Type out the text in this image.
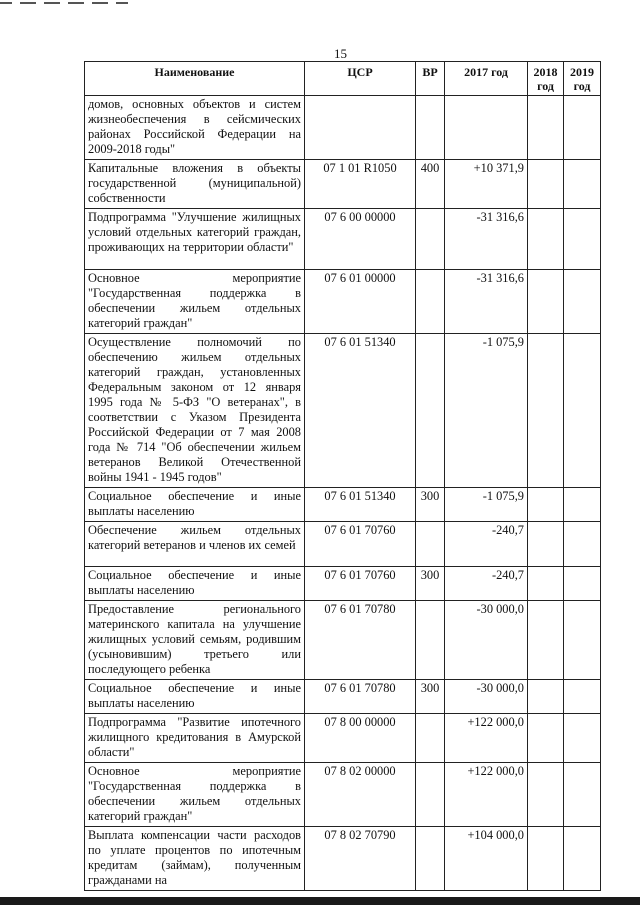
15
Наименование	ЦСР	ВР	2017 год	2018 год	2019 год
домов, основных объектов и систем жизнеобеспечения в сейсмических районах Российской Федерации на 2009-2018 годы"					
Капитальные вложения в объекты государственной (муниципальной) собственности	07 1 01 R1050	400	+10 371,9		
Подпрограмма "Улучшение жилищных условий отдельных категорий граждан, проживающих на территории области"	07 6 00 00000		-31 316,6		
Основное мероприятие "Государственная поддержка в обеспечении жильем отдельных категорий граждан"	07 6 01 00000		-31 316,6		
Осуществление полномочий по обеспечению жильем отдельных категорий граждан, установленных Федеральным законом от 12 января 1995 года № 5-ФЗ "О ветеранах", в соответствии с Указом Президента Российской Федерации от 7 мая 2008 года № 714 "Об обеспечении жильем ветеранов Великой Отечественной войны 1941 - 1945 годов"	07 6 01 51340		-1 075,9		
Социальное обеспечение и иные выплаты населению	07 6 01 51340	300	-1 075,9		
Обеспечение жильем отдельных категорий ветеранов и членов их семей	07 6 01 70760		-240,7		
Социальное обеспечение и иные выплаты населению	07 6 01 70760	300	-240,7		
Предоставление регионального материнского капитала на улучшение жилищных условий семьям, родившим (усыновившим) третьего или последующего ребенка	07 6 01 70780		-30 000,0		
Социальное обеспечение и иные выплаты населению	07 6 01 70780	300	-30 000,0		
Подпрограмма "Развитие ипотечного жилищного кредитования в Амурской области"	07 8 00 00000		+122 000,0		
Основное мероприятие "Государственная поддержка в обеспечении жильем отдельных категорий граждан"	07 8 02 00000		+122 000,0		
Выплата компенсации части расходов по уплате процентов по ипотечным кредитам (займам), полученным гражданами на	07 8 02 70790		+104 000,0		
